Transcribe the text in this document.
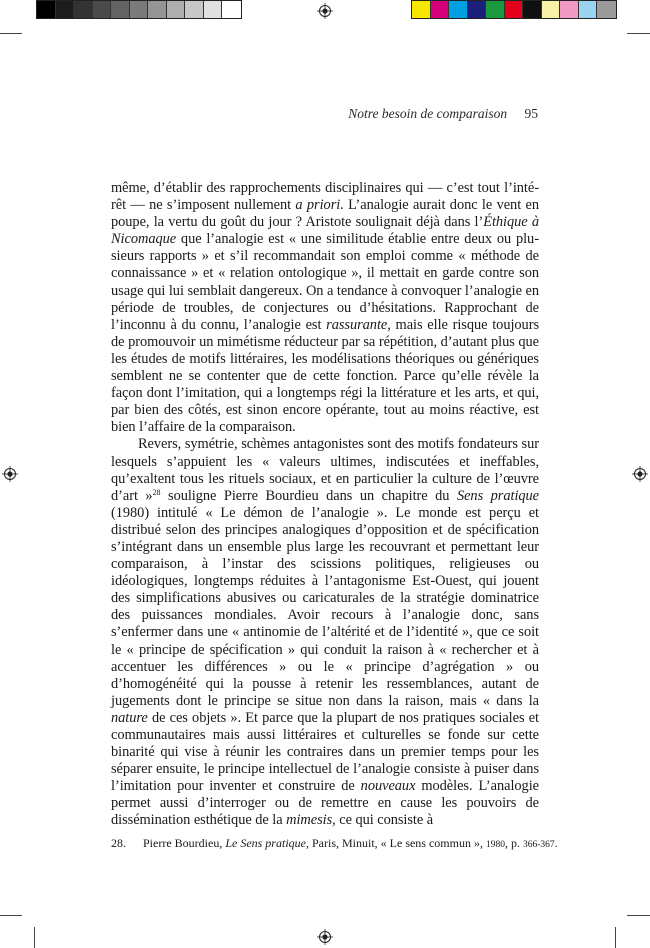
Notre besoin de comparaison 95

même, d’établir des rapprochements disciplinaires qui — c’est tout l’intérêt — ne s’imposent nullement a priori. L’analogie aurait donc le vent en poupe, la vertu du goût du jour ? Aristote soulignait déjà dans l’Éthique à Nicomaque que l’analogie est « une similitude établie entre deux ou plusieurs rapports » et s’il recommandait son emploi comme « méthode de connaissance » et « relation ontologique », il mettait en garde contre son usage qui lui semblait dangereux. On a tendance à convoquer l’analogie en période de troubles, de conjectures ou d’hésitations. Rapprochant de l’inconnu à du connu, l’analogie est rassurante, mais elle risque toujours de promouvoir un mimétisme réducteur par sa répétition, d’autant plus que les études de motifs littéraires, les modélisations théoriques ou génériques semblent ne se contenter que de cette fonction. Parce qu’elle révèle la façon dont l’imitation, qui a longtemps régi la littérature et les arts, et qui, par bien des côtés, est sinon encore opérante, tout au moins réactive, est bien l’affaire de la comparaison.

Revers, symétrie, schèmes antagonistes sont des motifs fondateurs sur lesquels s’appuient les « valeurs ultimes, indiscutées et ineffables, qu’exaltent tous les rituels sociaux, et en particulier la culture de l’œuvre d’art »$^{28}$ souligne Pierre Bourdieu dans un chapitre du Sens pratique (1980) intitulé « Le démon de l’analogie ». Le monde est perçu et distribué selon des principes analogiques d’opposition et de spécification s’intégrant dans un ensemble plus large les recouvrant et permettant leur comparaison, à l’instar des scissions politiques, religieuses ou idéologiques, longtemps réduites à l’antagonisme Est-Ouest, qui jouent des simplifications abusives ou caricaturales de la stratégie dominatrice des puissances mondiales. Avoir recours à l’analogie donc, sans s’enfermer dans une « antinomie de l’altérité et de l’identité », que ce soit le « principe de spécification » qui conduit la raison à « rechercher et à accentuer les différences » ou le « principe d’agrégation » ou d’homogénéité qui la pousse à retenir les ressemblances, autant de jugements dont le principe se situe non dans la raison, mais « dans la nature de ces objets ». Et parce que la plupart de nos pratiques sociales et communautaires mais aussi littéraires et culturelles se fonde sur cette binarité qui vise à réunir les contraires dans un premier temps pour les séparer ensuite, le principe intellectuel de l’analogie consiste à puiser dans l’imitation pour inventer et construire de nouveaux modèles. L’analogie permet aussi d’interroger ou de remettre en cause les pouvoirs de dissémination esthétique de la mimesis, ce qui consiste à

28. Pierre Bourdieu, Le Sens pratique, Paris, Minuit, « Le sens commun », 1980, p. 366-367.
